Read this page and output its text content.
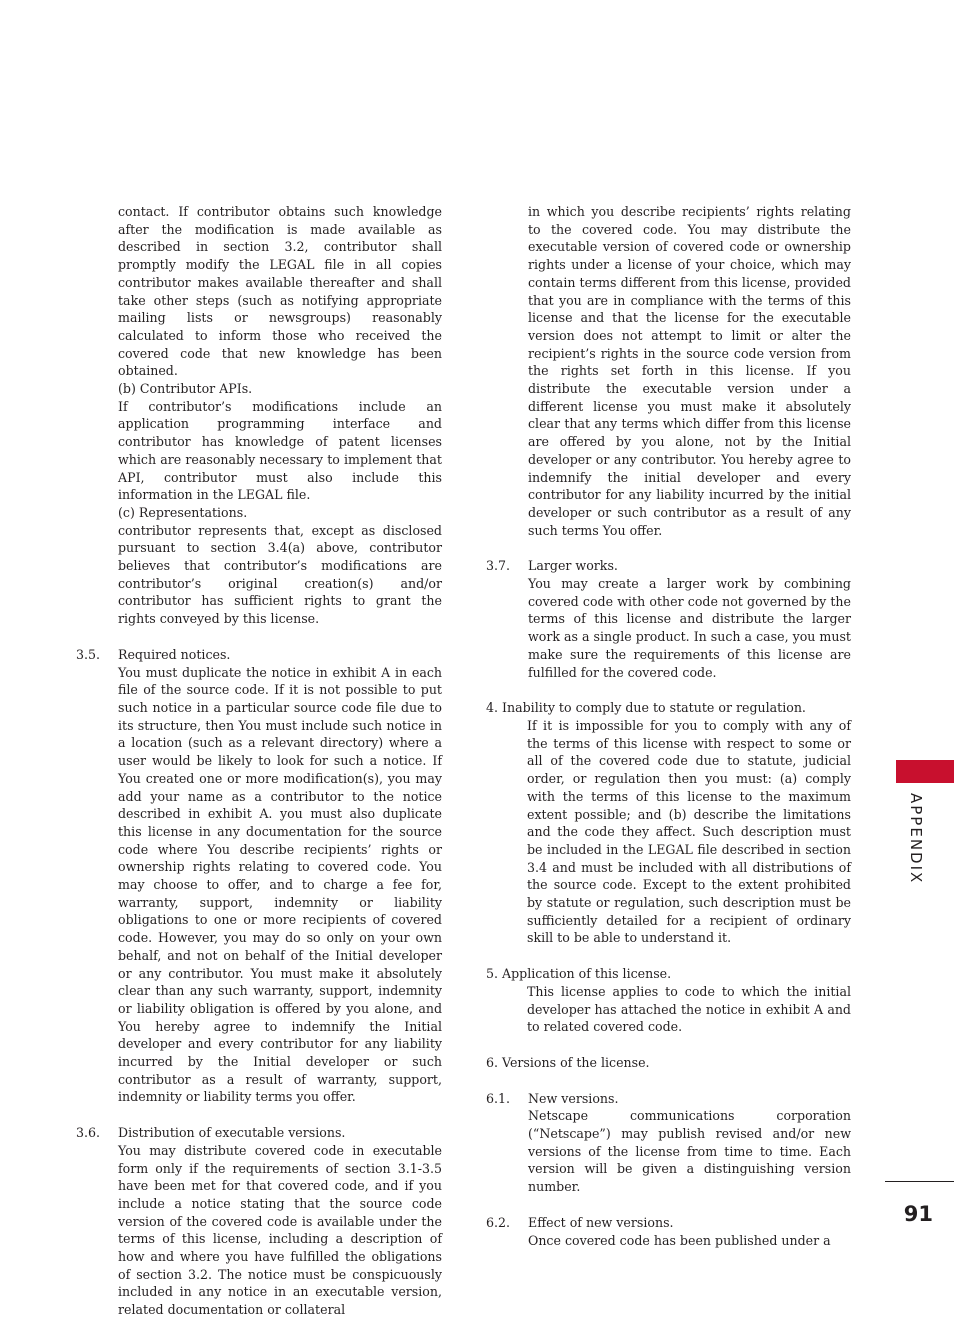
contact. If contributor obtains such knowledge after the modification is made available as described in section 3.2, contributor shall promptly modify the LEGAL file in all copies contributor makes available thereafter and shall take other steps (such as notifying appropriate mailing lists or newsgroups) reasonably calculated to inform those who received the covered code that new knowledge has been obtained.
(b) Contributor APIs.
If contributor’s modifications include an application programming interface and contributor has knowledge of patent licenses which are reasonably necessary to implement that API, contributor must also include this information in the LEGAL file.
(c) Representations.
contributor represents that, except as disclosed pursuant to section 3.4(a) above, contributor believes that contributor’s modifications are contributor’s original creation(s) and/or contributor has sufficient rights to grant the rights conveyed by this license.
3.5. Required notices.
You must duplicate the notice in exhibit A in each file of the source code. If it is not possible to put such notice in a particular source code file due to its structure, then You must include such notice in a location (such as a relevant directory) where a user would be likely to look for such a notice. If You created one or more modification(s), you may add your name as a contributor to the notice described in exhibit A. you must also duplicate this license in any documentation for the source code where You describe recipients’ rights or ownership rights relating to covered code. You may choose to offer, and to charge a fee for, warranty, support, indemnity or liability obligations to one or more recipients of covered code. However, you may do so only on your own behalf, and not on behalf of the Initial developer or any contributor. You must make it absolutely clear than any such warranty, support, indemnity or liability obligation is offered by you alone, and You hereby agree to indemnify the Initial developer and every contributor for any liability incurred by the Initial developer or such contributor as a result of warranty, support, indemnity or liability terms you offer.
3.6. Distribution of executable versions.
You may distribute covered code in executable form only if the requirements of section 3.1-3.5 have been met for that covered code, and if you include a notice stating that the source code version of the covered code is available under the terms of this license, including a description of how and where you have fulfilled the obligations of section 3.2. The notice must be conspicuously included in any notice in an executable version, related documentation or collateral
in which you describe recipients’ rights relating to the covered code. You may distribute the executable version of covered code or ownership rights under a license of your choice, which may contain terms different from this license, provided that you are in compliance with the terms of this license and that the license for the executable version does not attempt to limit or alter the recipient’s rights in the source code version from the rights set forth in this license. If you distribute the executable version under a different license you must make it absolutely clear that any terms which differ from this license are offered by you alone, not by the Initial developer or any contributor. You hereby agree to indemnify the initial developer and every contributor for any liability incurred by the initial developer or such contributor as a result of any such terms You offer.
3.7. Larger works.
You may create a larger work by combining covered code with other code not governed by the terms of this license and distribute the larger work as a single product. In such a case, you must make sure the requirements of this license are fulfilled for the covered code.
4. Inability to comply due to statute or regulation.
If it is impossible for you to comply with any of the terms of this license with respect to some or all of the covered code due to statute, judicial order, or regulation then you must: (a) comply with the terms of this license to the maximum extent possible; and (b) describe the limitations and the code they affect. Such description must be included in the LEGAL file described in section 3.4 and must be included with all distributions of the source code. Except to the extent prohibited by statute or regulation, such description must be sufficiently detailed for a recipient of ordinary skill to be able to understand it.
5. Application of this license.
This license applies to code to which the initial developer has attached the notice in exhibit A and to related covered code.
6. Versions of the license.
6.1. New versions.
Netscape communications corporation (“Netscape”) may publish revised and/or new versions of the license from time to time. Each version will be given a distinguishing version number.
6.2. Effect of new versions.
Once covered code has been published under a
APPENDIX
91
